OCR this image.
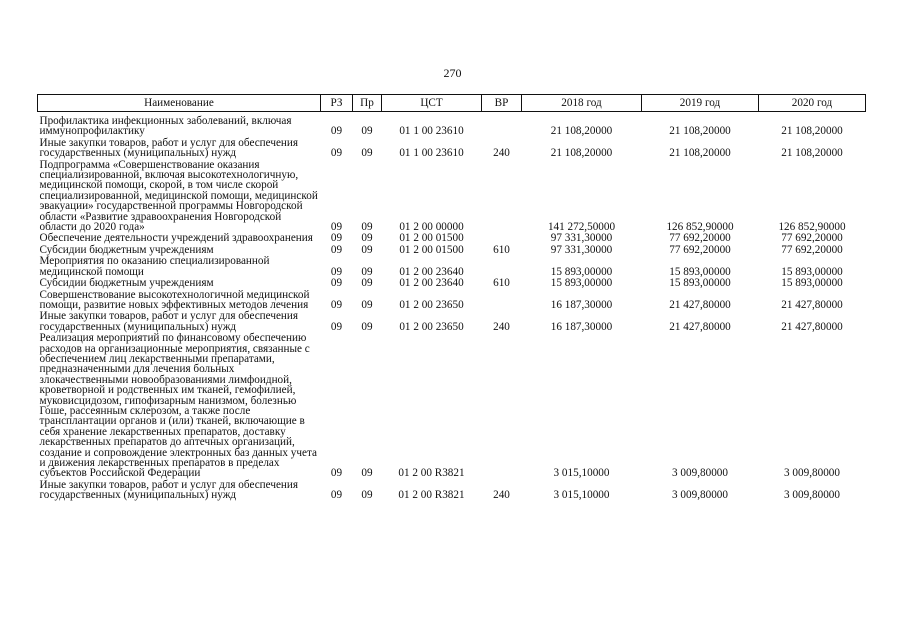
270
Наименование	РЗ	Пр	ЦСТ	ВР	2018 год	2019 год	2020 год
Профилактика инфекционных заболеваний, включая иммунопрофилактику	09	09	01 1 00 23610		21 108,20000	21 108,20000	21 108,20000
Иные закупки товаров, работ и услуг для обеспечения государственных (муниципальных) нужд	09	09	01 1 00 23610	240	21 108,20000	21 108,20000	21 108,20000
Подпрограмма «Совершенствование оказания специализированной, включая высокотехнологичную, медицинской помощи, скорой, в том числе скорой специализированной, медицинской помощи, медицинской эвакуации» государственной программы Новгородской области «Развитие здравоохранения Новгородской области до 2020 года»	09	09	01 2 00 00000		141 272,50000	126 852,90000	126 852,90000
Обеспечение деятельности учреждений здравоохранения	09	09	01 2 00 01500		97 331,30000	77 692,20000	77 692,20000
Субсидии бюджетным учреждениям	09	09	01 2 00 01500	610	97 331,30000	77 692,20000	77 692,20000
Мероприятия по оказанию специализированной медицинской помощи	09	09	01 2 00 23640		15 893,00000	15 893,00000	15 893,00000
Субсидии бюджетным учреждениям	09	09	01 2 00 23640	610	15 893,00000	15 893,00000	15 893,00000
Совершенствование высокотехнологичной медицинской помощи, развитие новых эффективных методов лечения	09	09	01 2 00 23650		16 187,30000	21 427,80000	21 427,80000
Иные закупки товаров, работ и услуг для обеспечения государственных (муниципальных) нужд	09	09	01 2 00 23650	240	16 187,30000	21 427,80000	21 427,80000
Реализация мероприятий по финансовому обеспечению расходов на организационные мероприятия, связанные с обеспечением лиц лекарственными препаратами, предназначенными для лечения больных злокачественными новообразованиями лимфоидной, кроветворной и родственных им тканей, гемофилией, муковисцидозом, гипофизарным нанизмом, болезнью Гоше, рассеянным склерозом, а также после трансплантации органов и (или) тканей, включающие в себя хранение лекарственных препаратов, доставку лекарственных препаратов до аптечных организаций, создание и сопровождение электронных баз данных учета и движения лекарственных препаратов в пределах субъектов Российской Федерации	09	09	01 2 00 R3821		3 015,10000	3 009,80000	3 009,80000
Иные закупки товаров, работ и услуг для обеспечения государственных (муниципальных) нужд	09	09	01 2 00 R3821	240	3 015,10000	3 009,80000	3 009,80000
